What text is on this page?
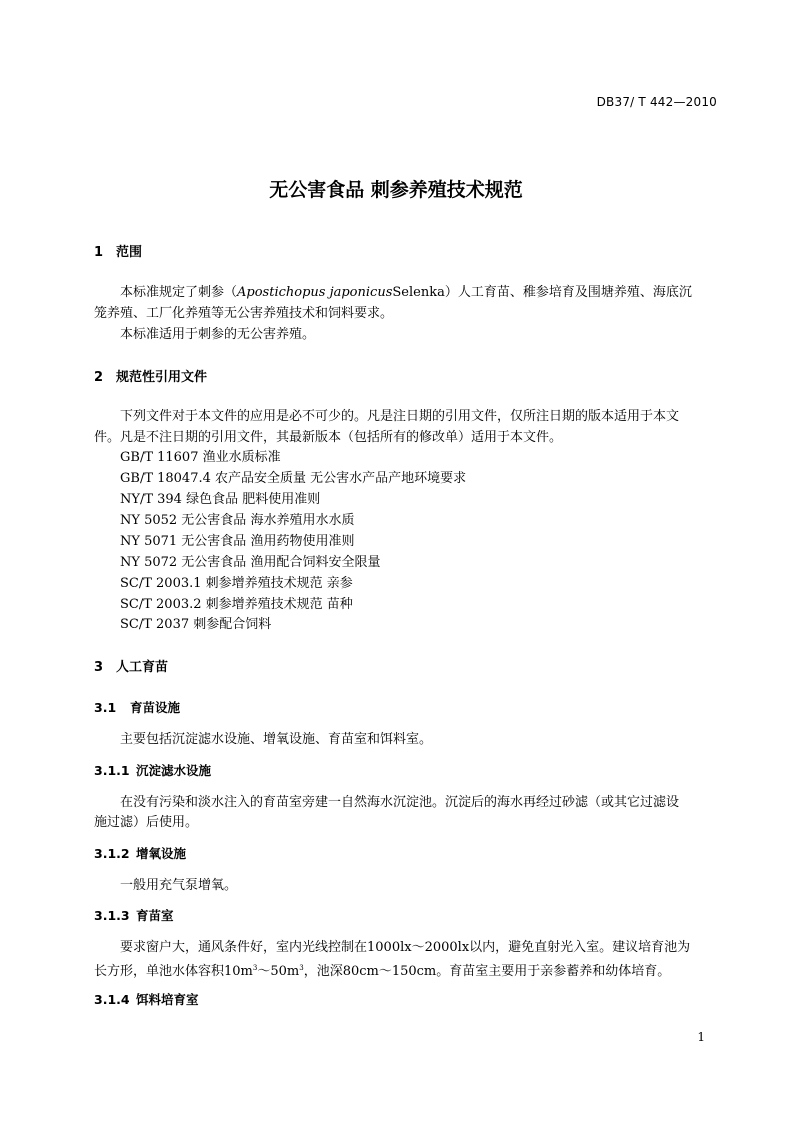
DB37/ T 442—2010
无公害食品 刺参养殖技术规范
1 范围
本标准规定了刺参（Apostichopus japonicusSelenka）人工育苗、稚参培育及围塘养殖、海底沉
笼养殖、工厂化养殖等无公害养殖技术和饲料要求。
本标准适用于刺参的无公害养殖。
2 规范性引用文件
下列文件对于本文件的应用是必不可少的。凡是注日期的引用文件，仅所注日期的版本适用于本文
件。凡是不注日期的引用文件，其最新版本（包括所有的修改单）适用于本文件。
GB/T 11607 渔业水质标准
GB/T 18047.4 农产品安全质量 无公害水产品产地环境要求
NY/T 394 绿色食品 肥料使用准则
NY 5052 无公害食品 海水养殖用水水质
NY 5071 无公害食品 渔用药物使用准则
NY 5072 无公害食品 渔用配合饲料安全限量
SC/T 2003.1 刺参增养殖技术规范 亲参
SC/T 2003.2 刺参增养殖技术规范 苗种
SC/T 2037 刺参配合饲料
3 人工育苗
3.1 育苗设施
主要包括沉淀滤水设施、增氧设施、育苗室和饵料室。
3.1.1 沉淀滤水设施
在没有污染和淡水注入的育苗室旁建一自然海水沉淀池。沉淀后的海水再经过砂滤（或其它过滤设
施过滤）后使用。
3.1.2 增氧设施
一般用充气泵增氧。
3.1.3 育苗室
要求窗户大，通风条件好，室内光线控制在1000lx～2000lx以内，避免直射光入室。建议培育池为
长方形，单池水体容积$10m^3\sim 50m^3$，池深80cm～150cm。育苗室主要用于亲参蓄养和幼体培育。
3.1.4 饵料培育室
1
